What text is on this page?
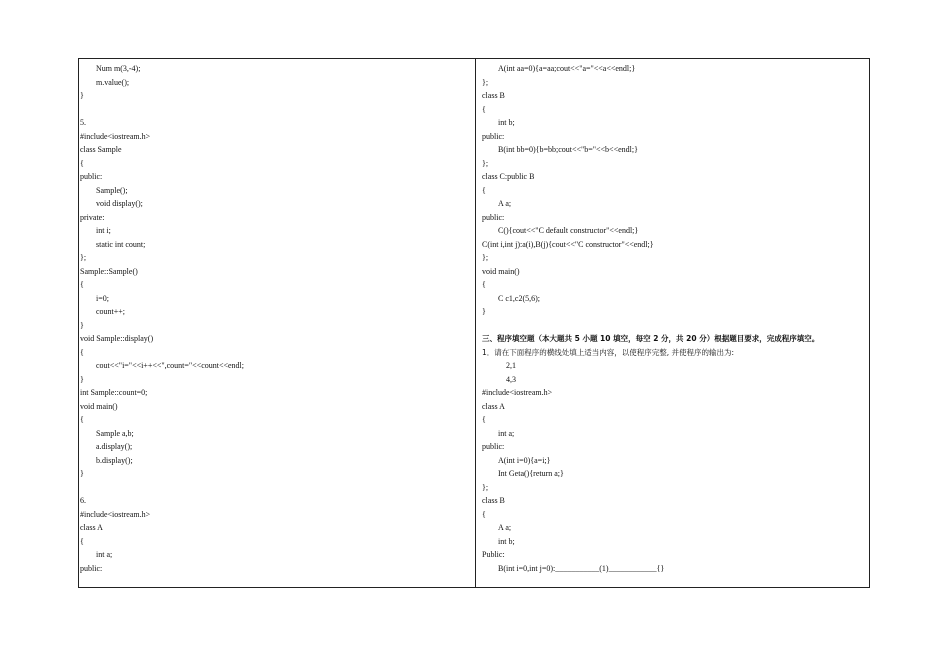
Num m(3,-4);
m.value();
}
5.
#include<iostream.h>
class Sample
{
public:
Sample();
void display();
private:
int i;
static int count;
};
Sample::Sample()
{
i=0;
count++;
}
void Sample::display()
{
cout<<"i="<<i++<<",count="<<count<<endl;
}
int Sample::count=0;
void main()
{
Sample a,b;
a.display();
b.display();
}
6.
#include<iostream.h>
class A
{
int a;
public:
A(int aa=0){a=aa;cout<<"a="<<a<<endl;}
};
class B
{
int b;
public:
B(int bb=0){b=bb;cout<<"b="<<b<<endl;}
};
class C:public B
{
A a;
public:
C(){cout<<"C default constructor"<<endl;}
C(int i,int j):a(i),B(j){cout<<"C constructor"<<endl;}
};
void main()
{
C c1,c2(5,6);
}
三、程序填空题（本大题共 5 小题 10 填空，每空 2 分，共 20 分）根据题目要求，完成程序填空。
1．请在下面程序的横线处填上适当内容，以使程序完整, 并使程序的输出为:
2,1
4,3
#include<iostream.h>
class A
{
int a;
public:
A(int i=0){a=i;}
Int Geta(){return a;}
};
class B
{
A a;
int b;
Public:
B(int i=0,int j=0):___________(1)____________{}
